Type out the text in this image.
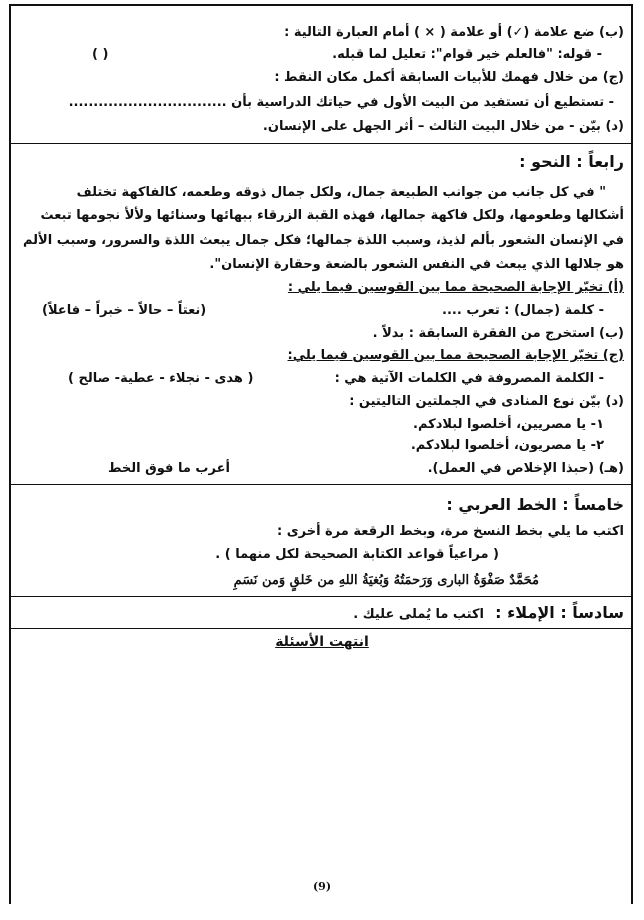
(ب) ضع علامة (✓) أو علامة ( × ) أمام العبارة التالية :
- قوله: "فالعلم خير قوام": تعليل لما قبله.
( )
(ج) من خلال فهمك للأبيات السابقة أكمل مكان النقط :
- تستطيع أن تستفيد من البيت الأول في حياتك الدراسية بأن ................................
(د) بيّن - من خلال البيت الثالث – أثر الجهل على الإنسان.
رابعاً : النحو :
" في كل جانب من جوانب الطبيعة جمال، ولكل جمال ذوقه وطعمه، كالفاكهة تختلف
أشكالها وطعومها، ولكل فاكهة جمالها، فهذه القبة الزرقاء ببهائها وسنائها ولألأ نجومها تبعث
في الإنسان الشعور بألم لذيذ، وسبب اللذة جمالها؛ فكل جمال يبعث اللذة والسرور، وسبب الألم
هو جلالها الذي يبعث في النفس الشعور بالضعة وحقارة الإنسان".
(أ) تخيّر الإجابة الصحيحة مما بين القوسين فيما يلي :
- كلمة (جمال) : تعرب ....
(نعتاً – حالاً – خبراً – فاعلاً)
(ب) استخرج من الفقرة السابقة : بدلاً .
(ج) تخيّر الإجابة الصحيحة مما بين القوسين فيما يلي:
- الكلمة المصروفة في الكلمات الآتية هي :
( هدى - نجلاء - عطية- صالح )
(د) بيّن نوع المنادى في الجملتين التاليتين :
١- يا مصريين، أخلصوا لبلادكم.
٢- يا مصريون، أخلصوا لبلادكم.
(هـ) (حبذا الإخلاص في العمل).
أعرب ما فوق الخط
خامساً : الخط العربي :
اكتب ما يلي بخط النسخ مرة، وبخط الرقعة مرة أخرى :
( مراعياً قواعد الكتابة الصحيحة لكل منهما ) .
مُحَمَّدٌ صَفْوَةُ البارى وَرَحمَتُهُ وَبُغيَةُ اللهِ من خَلقٍ وَمن نَسَمِ
سادساً : الإملاء :
اكتب ما يُملى عليك .
انتهت الأسئلة
(9)
